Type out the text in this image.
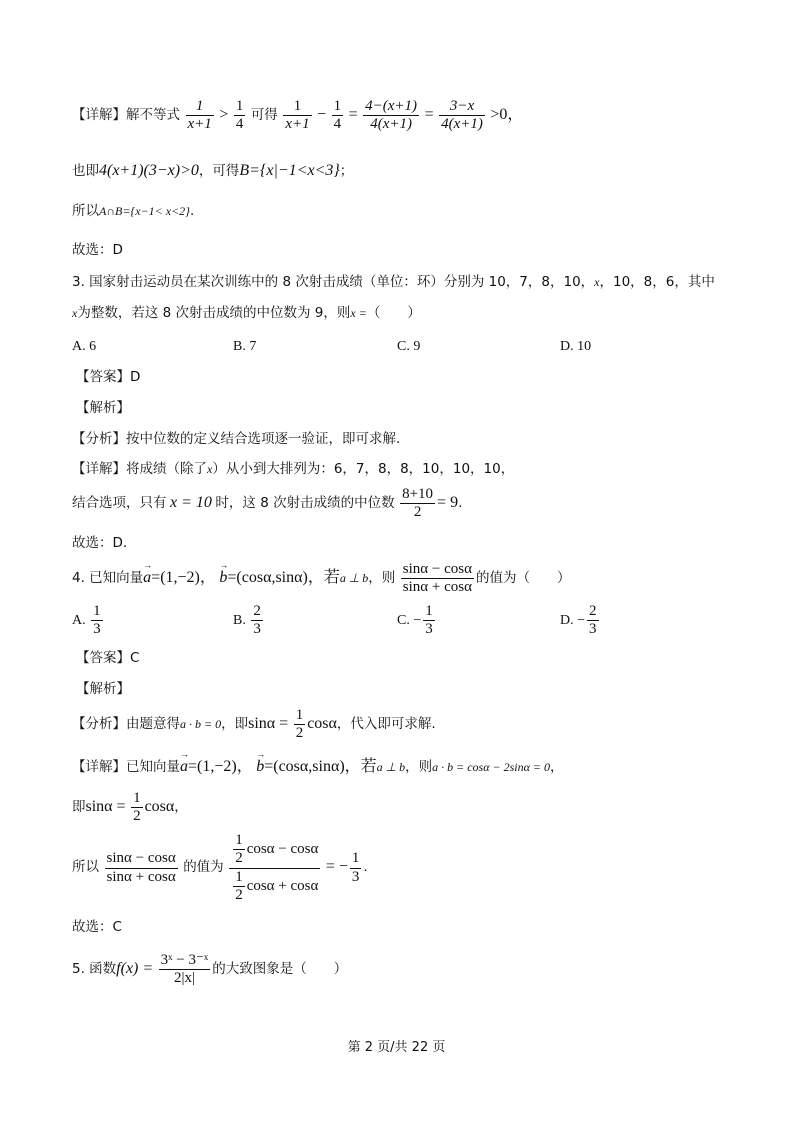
【详解】解不等式 $\frac{1}{x+1} > \frac{1}{4}$ 可得 $\frac{1}{x+1} - \frac{1}{4} = \frac{4-(x+1)}{4(x+1)} = \frac{3-x}{4(x+1)} >0$，
也即4(x+1)(3−x)>0，可得B={x|−1<x<3}；
所以A∩B={x−1< x<2}.
故选：D
3. 国家射击运动员在某次训练中的 8 次射击成绩（单位：环）分别为 10，7，8，10，x，10，8，6，其中
x为整数，若这 8 次射击成绩的中位数为 9，则x =（　　）
A. 6	B. 7	C. 9	D. 10
【答案】D
【解析】
【分析】按中位数的定义结合选项逐一验证，即可求解.
【详解】将成绩（除了x）从小到大排列为：6，7，8，8，10，10，10，
结合选项，只有 x = 10 时，这 8 次射击成绩的中位数 $\frac{8+10}{2} = 9$.
故选：D.
4. 已知向量→ a=(1,−2)， → b=(cosα,sinα)，若a ⊥ b，则 $\frac{\sin\alpha - \cos\alpha}{\sin\alpha + \cos\alpha}$ 的值为（　　）
A. $\frac{1}{3}$	B. $\frac{2}{3}$	C. − $\frac{1}{3}$	D. − $\frac{2}{3}$
【答案】C
【解析】
【分析】由题意得a · b = 0，即$\sin\alpha = \frac{1}{2}$ cosα，代入即可求解.
【详解】已知向量→ a=(1,−2)， → b=(cosα,sinα)，若a ⊥ b，则a · b = cosα − 2sinα = 0，
即$\sin\alpha = \frac{1}{2}$ cosα，
所以 $\frac{\sin\alpha - \cos\alpha}{\sin\alpha + \cos\alpha}$ 的值为 $\frac{\frac{1}{2} \cos\alpha - \cos\alpha}{\frac{1}{2} \cos\alpha + \cos\alpha}$ = − $\frac{1}{3}$ .
故选：C
5. 函数$f(x) = \frac{\text{3ˣ − 3⁻ˣ}}{2|x|}$ 的大致图象是（　　）
第 2 页/共 22 页
